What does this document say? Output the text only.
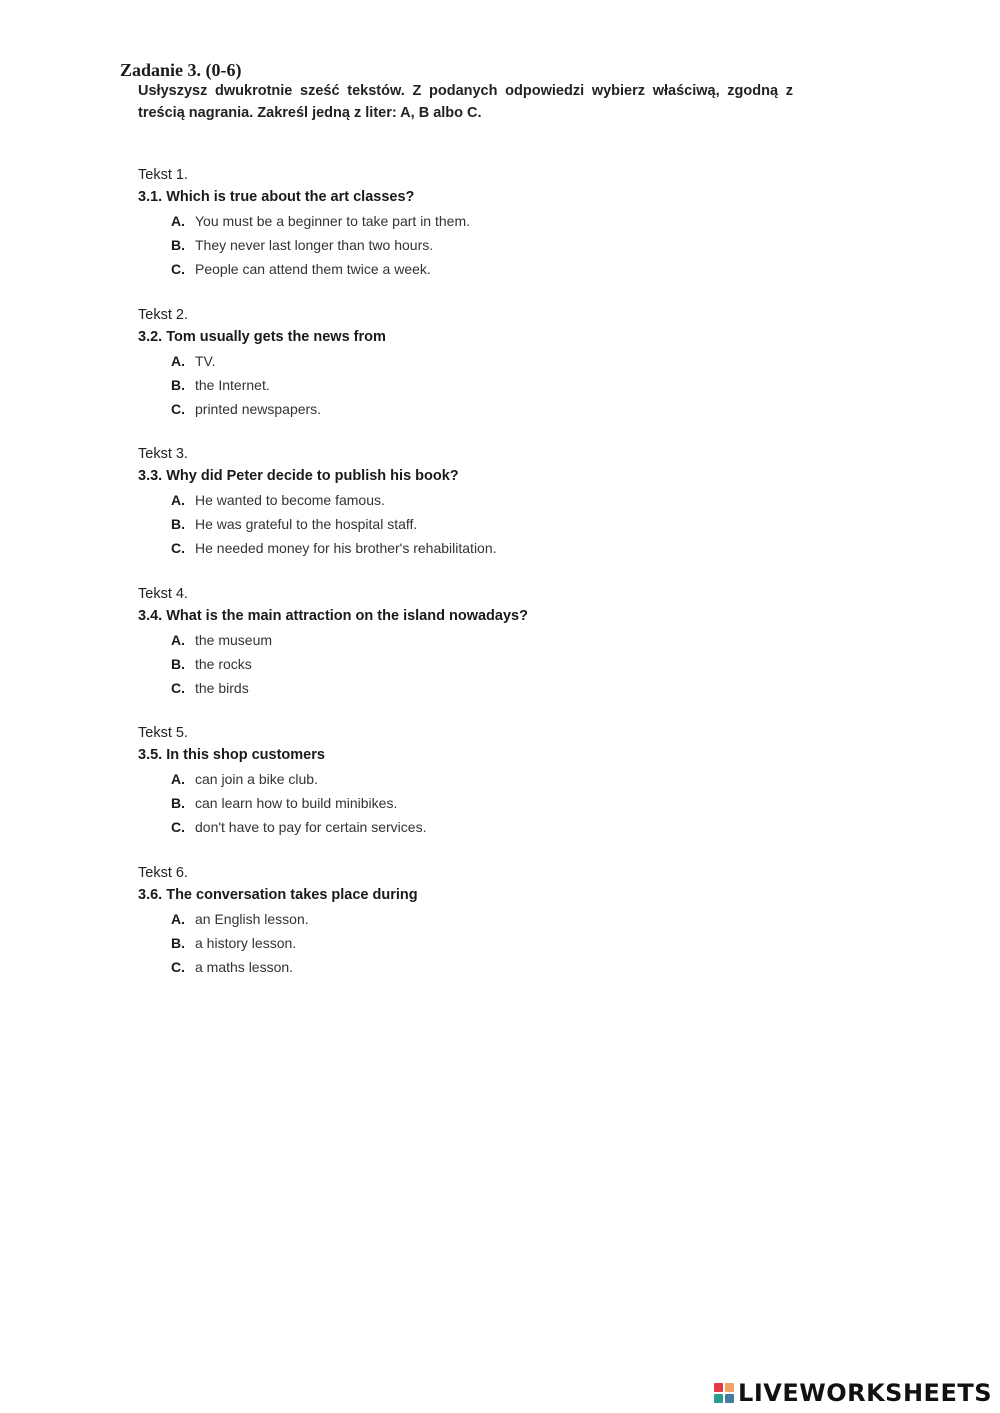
Zadanie 3. (0-6)
Usłyszysz dwukrotnie sześć tekstów. Z podanych odpowiedzi wybierz właściwą, zgodną z treścią nagrania. Zakreśl jedną z liter: A, B albo C.
Tekst 1.
3.1. Which is true about the art classes?
A. You must be a beginner to take part in them.
B. They never last longer than two hours.
C. People can attend them twice a week.
Tekst 2.
3.2. Tom usually gets the news from
A. TV.
B. the Internet.
C. printed newspapers.
Tekst 3.
3.3. Why did Peter decide to publish his book?
A. He wanted to become famous.
B. He was grateful to the hospital staff.
C. He needed money for his brother's rehabilitation.
Tekst 4.
3.4. What is the main attraction on the island nowadays?
A. the museum
B. the rocks
C. the birds
Tekst 5.
3.5. In this shop customers
A. can join a bike club.
B. can learn how to build minibikes.
C. don't have to pay for certain services.
Tekst 6.
3.6. The conversation takes place during
A. an English lesson.
B. a history lesson.
C. a maths lesson.
LIVEWORKSHEETS
